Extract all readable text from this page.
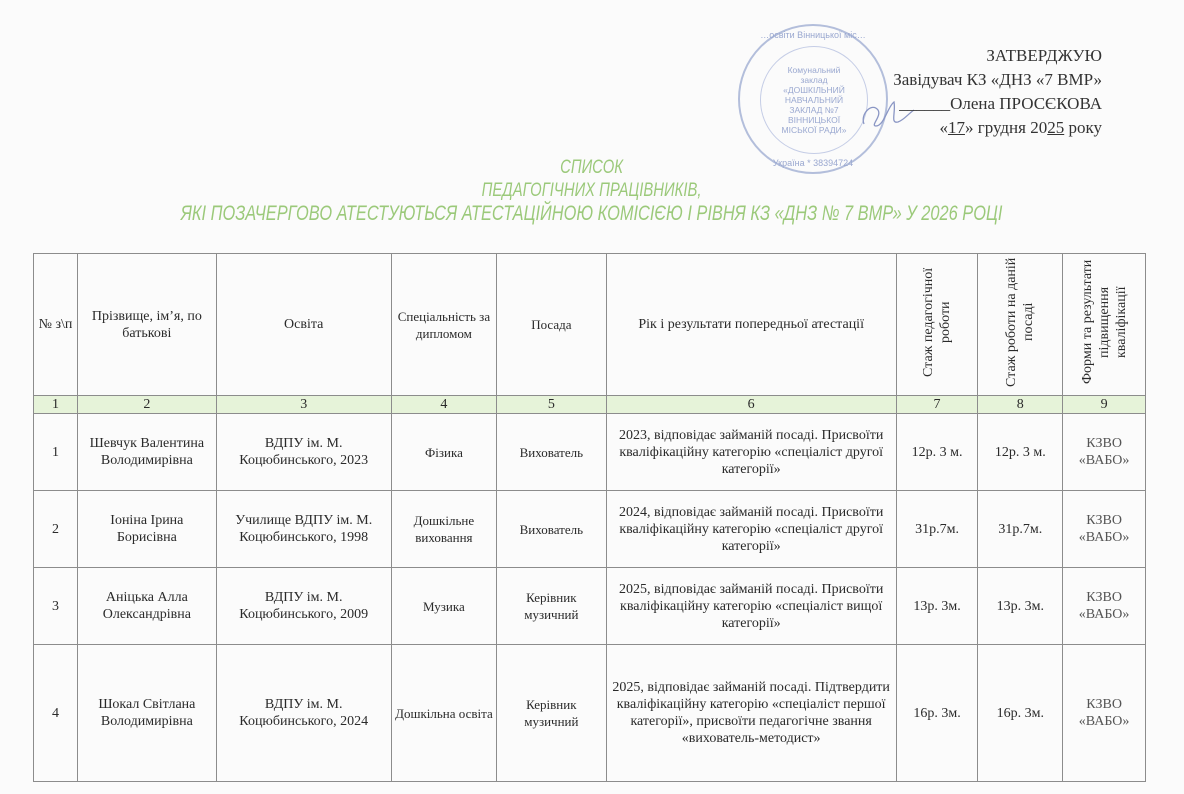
…освіти Вінницької міс…
Комунальний
заклад
«ДОШКІЛЬНИЙ
НАВЧАЛЬНИЙ
ЗАКЛАД №7
ВІННИЦЬКОЇ
МІСЬКОЇ РАДИ»
Україна * 38394724
ЗАТВЕРДЖУЮ
Завідувач КЗ «ДНЗ «7 ВМР»
______Олена ПРОСЄКОВА
«17» грудня 2025 року
СПИСОК
ПЕДАГОГІЧНИХ ПРАЦІВНИКІВ,
ЯКІ ПОЗАЧЕРГОВО АТЕСТУЮТЬСЯ АТЕСТАЦІЙНОЮ КОМІСІЄЮ І РІВНЯ КЗ «ДНЗ № 7 ВМР» У 2026 РОЦІ
№ з\п	Прізвище, ім’я, по батькові	Освіта	Спеціальність за дипломом	Посада	Рік і результати попередньої атестації	Стаж педагогічної роботи	Стаж роботи на даній посаді	Форми та результати підвищення кваліфікації
1	2	3	4	5	6	7	8	9
1	Шевчук Валентина Володимирівна	ВДПУ ім. М. Коцюбинського, 2023	Фізика	Вихователь	2023, відповідає займаній посаді. Присвоїти кваліфікаційну категорію «спеціаліст другої категорії»	12р. 3 м.	12р. 3 м.	КЗВО «ВАБО»
2	Іоніна Ірина Борисівна	Училище ВДПУ ім. М. Коцюбинського, 1998	Дошкільне виховання	Вихователь	2024, відповідає займаній посаді. Присвоїти кваліфікаційну категорію «спеціаліст другої категорії»	31р.7м.	31р.7м.	КЗВО «ВАБО»
3	Аніцька Алла Олександрівна	ВДПУ ім. М. Коцюбинського, 2009	Музика	Керівник музичний	2025, відповідає займаній посаді. Присвоїти кваліфікаційну категорію «спеціаліст вищої категорії»	13р. 3м.	13р. 3м.	КЗВО «ВАБО»
4	Шокал Світлана Володимирівна	ВДПУ ім. М. Коцюбинського, 2024	Дошкільна освіта	Керівник музичний	2025, відповідає займаній посаді. Підтвердити кваліфікаційну категорію «спеціаліст першої категорії», присвоїти педагогічне звання «вихователь-методист»	16р. 3м.	16р. 3м.	КЗВО «ВАБО»
